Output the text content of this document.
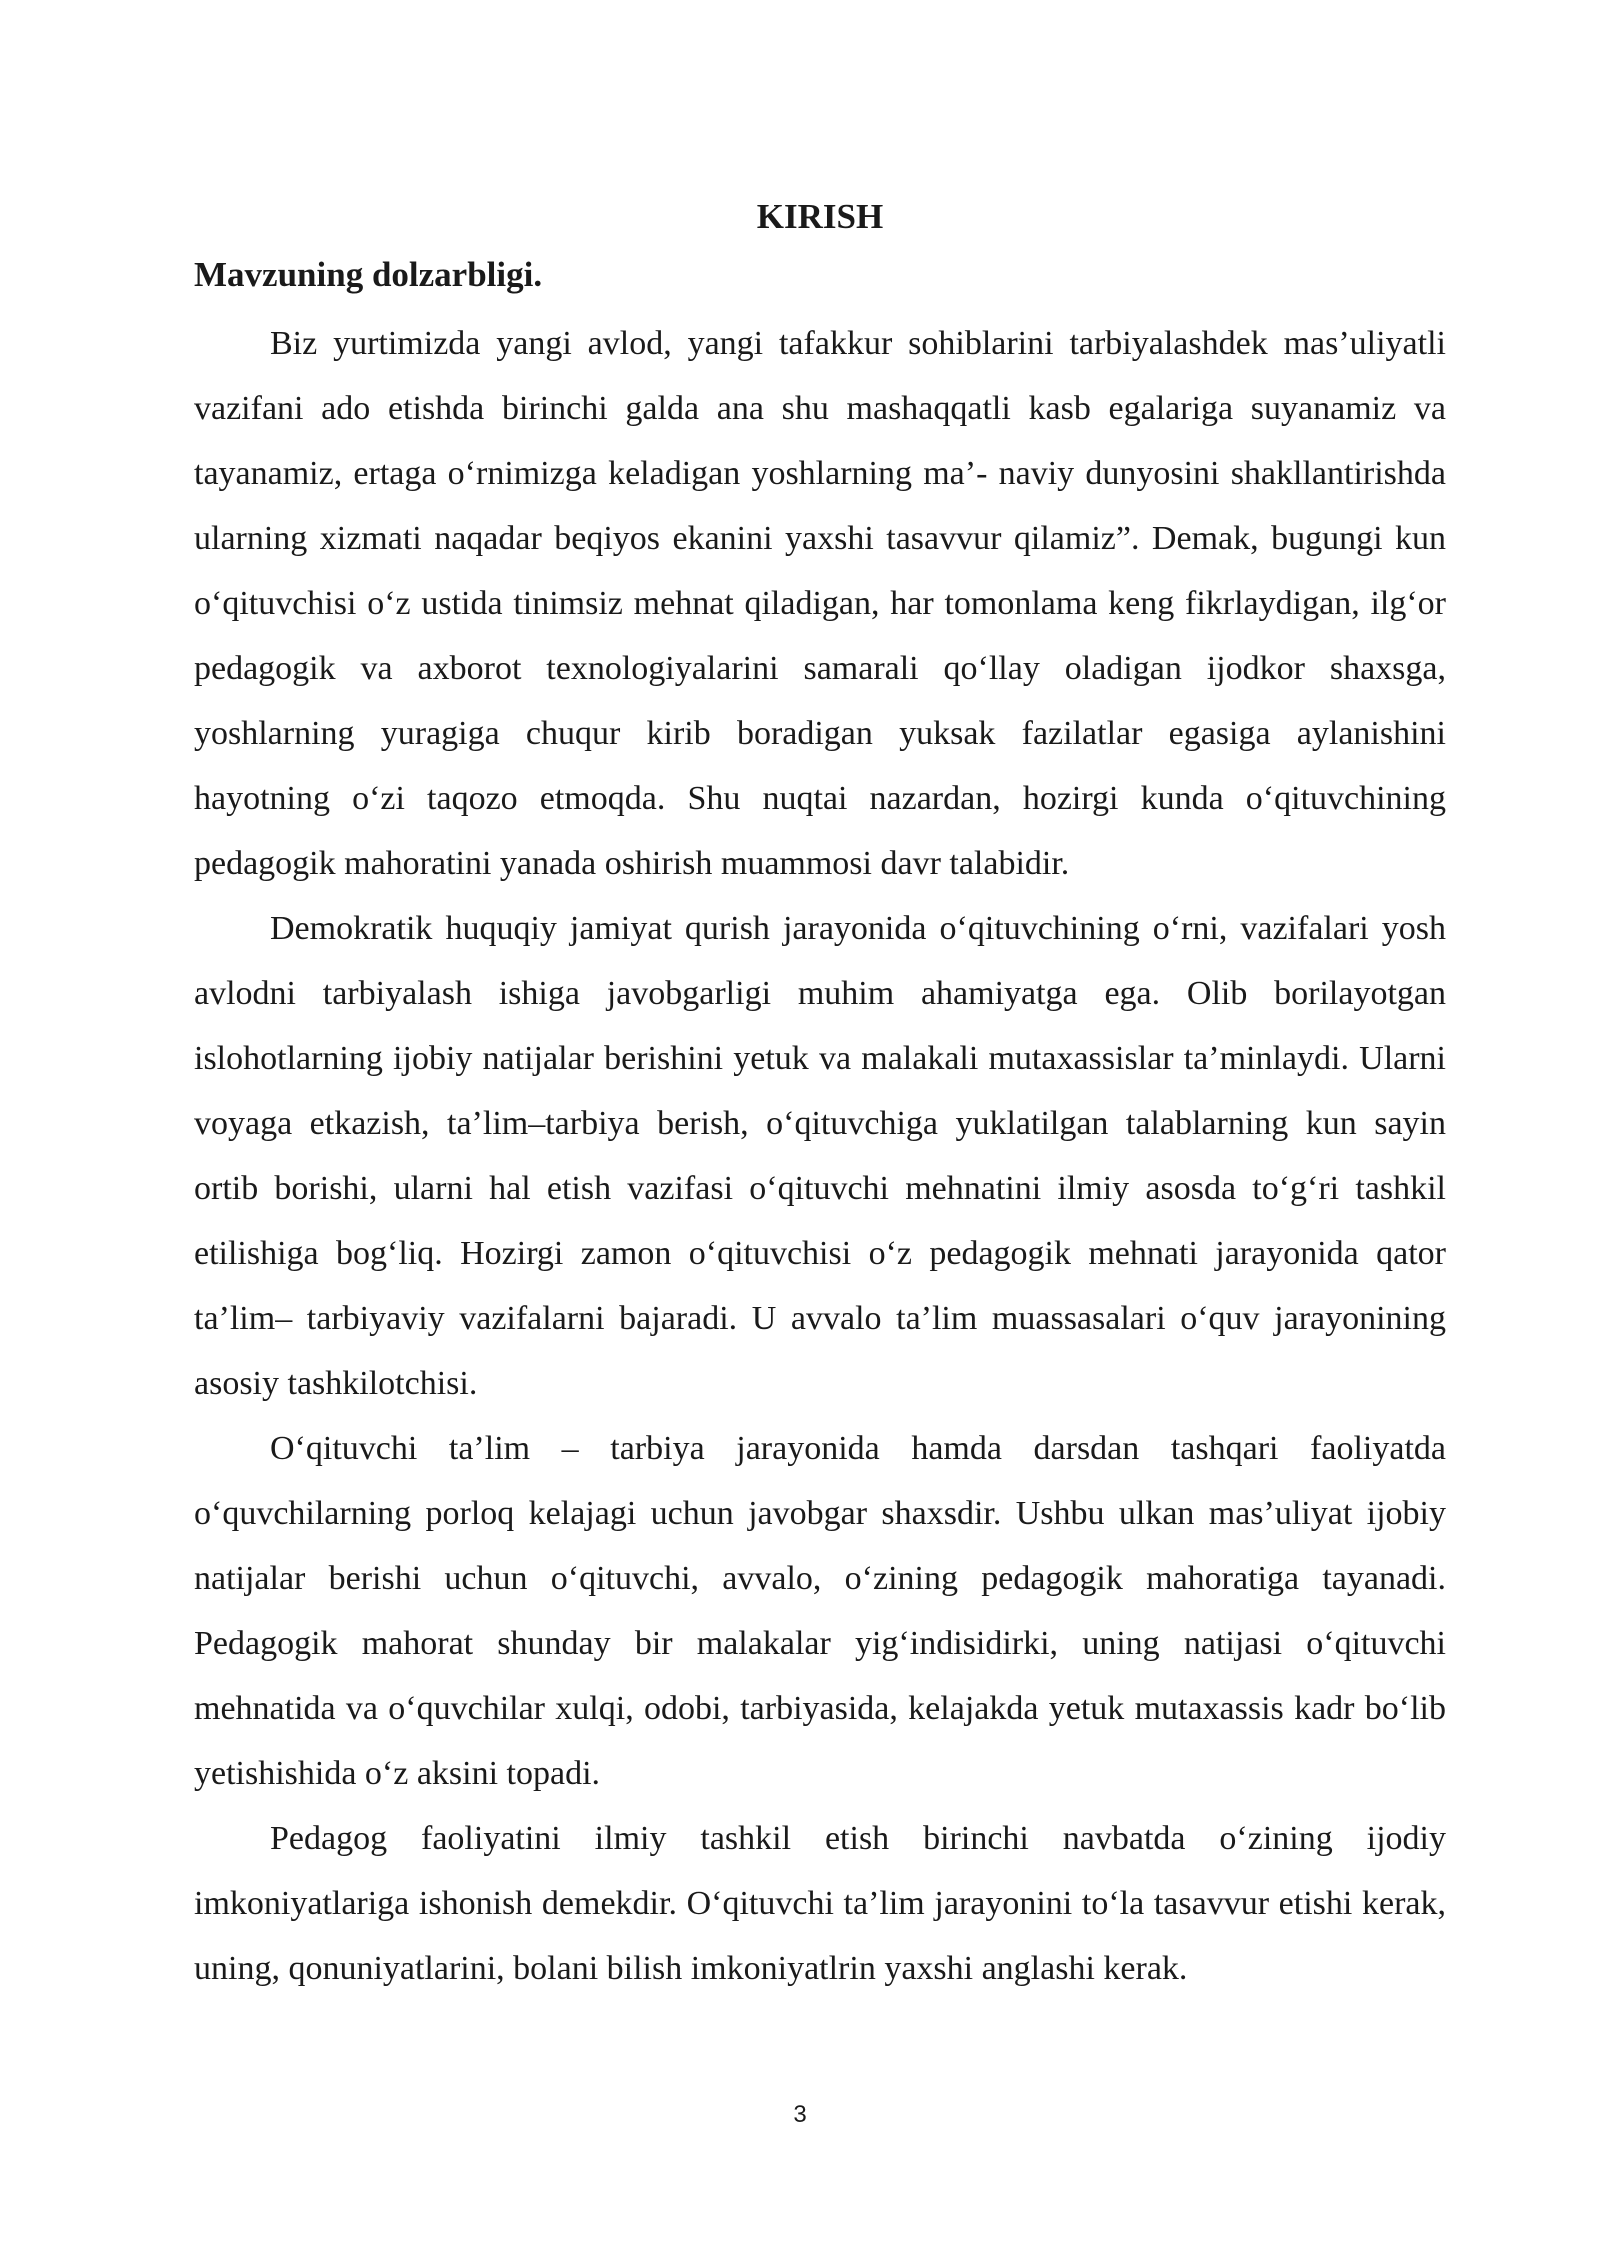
KIRISH
Mavzuning dolzarbligi.

Biz yurtimizda yangi avlod, yangi tafakkur sohiblarini tarbiyalashdek mas’uliyatli vazifani ado etishda birinchi galda ana shu mashaqqatli kasb egalariga suyanamiz va tayanamiz, ertaga o‘rnimizga keladigan yoshlarning ma’- naviy dunyosini shakllantirishda ularning xizmati naqadar beqiyos ekanini yaxshi tasavvur qilamiz”. Demak, bugungi kun o‘qituvchisi o‘z ustida tinimsiz mehnat qiladigan, har tomonlama keng fikrlaydigan, ilg‘or pedagogik va axborot texnologiyalarini samarali qo‘llay oladigan ijodkor shaxsga, yoshlarning yuragiga chuqur kirib boradigan yuksak fazilatlar egasiga aylanishini hayotning o‘zi taqozo etmoqda. Shu nuqtai nazardan, hozirgi kunda o‘qituvchining pedagogik mahoratini yanada oshirish muammosi davr talabidir.

Demokratik huquqiy jamiyat qurish jarayonida o‘qituvchining o‘rni, vazifalari yosh avlodni tarbiyalash ishiga javobgarligi muhim ahamiyatga ega. Olib borilayotgan islohotlarning ijobiy natijalar berishini yetuk va malakali mutaxassislar ta’minlaydi. Ularni voyaga etkazish, ta’lim–tarbiya berish, o‘qituvchiga yuklatilgan talablarning kun sayin ortib borishi, ularni hal etish vazifasi o‘qituvchi mehnatini ilmiy asosda to‘g‘ri tashkil etilishiga bog‘liq. Hozirgi zamon o‘qituvchisi o‘z pedagogik mehnati jarayonida qator ta’lim– tarbiyaviy vazifalarni bajaradi. U avvalo ta’lim muassasalari o‘quv jarayonining asosiy tashkilotchisi.

O‘qituvchi ta’lim – tarbiya jarayonida hamda darsdan tashqari faoliyatda o‘quvchilarning porloq kelajagi uchun javobgar shaxsdir. Ushbu ulkan mas’uliyat ijobiy natijalar berishi uchun o‘qituvchi, avvalo, o‘zining pedagogik mahoratiga tayanadi. Pedagogik mahorat shunday bir malakalar yig‘indisidirki, uning natijasi o‘qituvchi mehnatida va o‘quvchilar xulqi, odobi, tarbiyasida, kelajakda yetuk mutaxassis kadr bo‘lib yetishishida o‘z aksini topadi.

Pedagog faoliyatini ilmiy tashkil etish birinchi navbatda o‘zining ijodiy imkoniyatlariga ishonish demekdir. O‘qituvchi ta’lim jarayonini to‘la tasavvur etishi kerak, uning, qonuniyatlarini, bolani bilish imkoniyatlrin yaxshi anglashi kerak.

3
